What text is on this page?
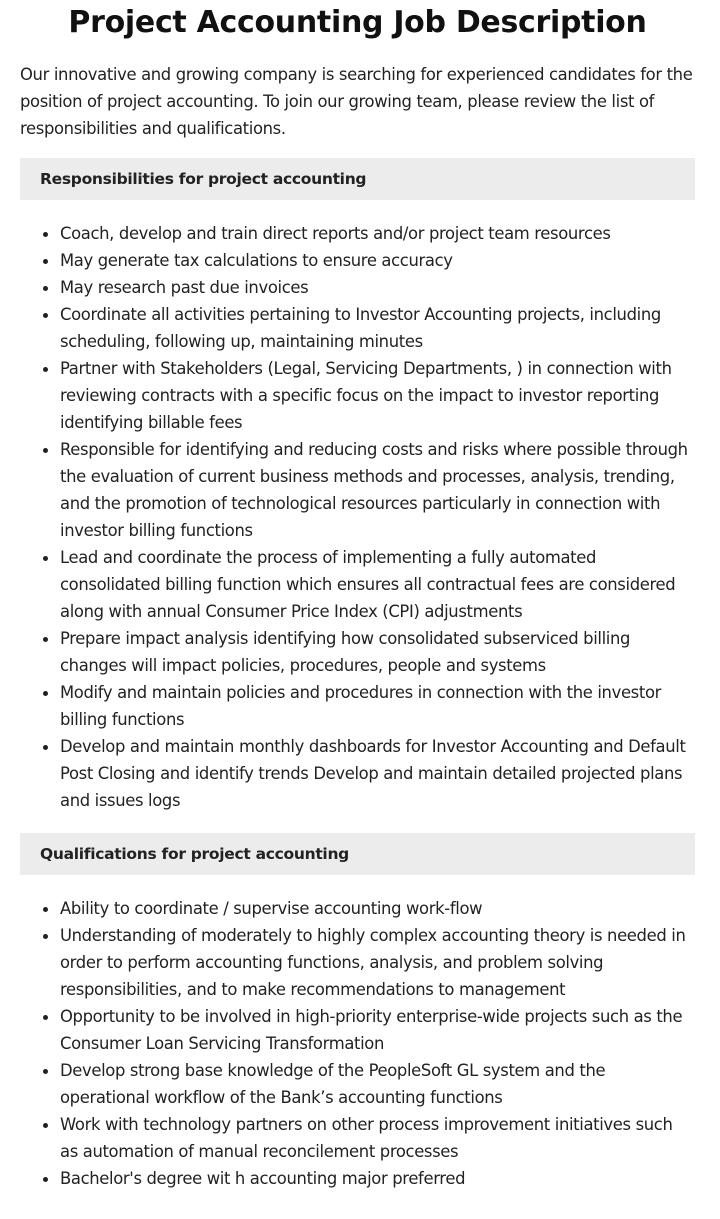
Project Accounting Job Description

Our innovative and growing company is searching for experienced candidates for the position of project accounting. To join our growing team, please review the list of responsibilities and qualifications.

Responsibilities for project accounting
Coach, develop and train direct reports and/or project team resources
May generate tax calculations to ensure accuracy
May research past due invoices
Coordinate all activities pertaining to Investor Accounting projects, including scheduling, following up, maintaining minutes
Partner with Stakeholders (Legal, Servicing Departments, ) in connection with reviewing contracts with a specific focus on the impact to investor reporting identifying billable fees
Responsible for identifying and reducing costs and risks where possible through the evaluation of current business methods and processes, analysis, trending, and the promotion of technological resources particularly in connection with investor billing functions
Lead and coordinate the process of implementing a fully automated consolidated billing function which ensures all contractual fees are considered along with annual Consumer Price Index (CPI) adjustments
Prepare impact analysis identifying how consolidated subserviced billing changes will impact policies, procedures, people and systems
Modify and maintain policies and procedures in connection with the investor billing functions
Develop and maintain monthly dashboards for Investor Accounting and Default Post Closing and identify trends Develop and maintain detailed projected plans and issues logs
Qualifications for project accounting
Ability to coordinate / supervise accounting work-flow
Understanding of moderately to highly complex accounting theory is needed in order to perform accounting functions, analysis, and problem solving responsibilities, and to make recommendations to management
Opportunity to be involved in high-priority enterprise-wide projects such as the Consumer Loan Servicing Transformation
Develop strong base knowledge of the PeopleSoft GL system and the operational workflow of the Bank’s accounting functions
Work with technology partners on other process improvement initiatives such as automation of manual reconcilement processes
Bachelor's degree wit h accounting major preferred
